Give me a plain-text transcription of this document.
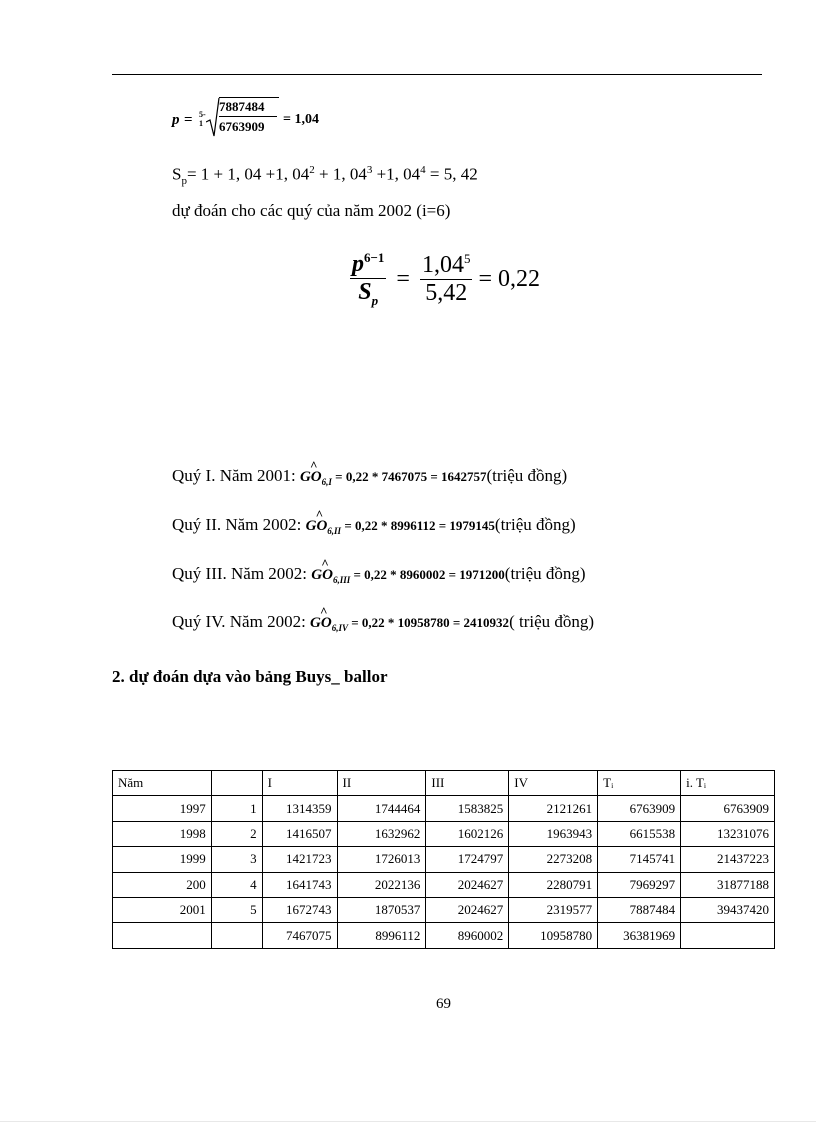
p = 5-1
7887484
6763909 = 1,04
$S_p= 1 + 1$, 04 +1, $04^2 + 1$, $04^3 +1$, $04^4 = 5$, 42
dự đoán cho các quý của năm 2002 (i=6)
$\frac{p^{6-1}}{S_p} = \frac{1,04^5}{5,42} = 0,22$
Quý I. Năm 2001:
^
$GO_{6,I} = 0,22 * 7467075$ = 1642757(triệu đồng)
Quý II. Năm 2002:
^
$GO_{6,II} = 0,22 * 8996112$ = 1979145(triệu đồng)
Quý III. Năm 2002:
^
$GO_{6,III} = 0,22 * 8960002$ = 1971200(triệu đồng)
Quý IV. Năm 2002:
^
$GO_{6,IV} = 0,22 * 10958780 = 2410932$( triệu đồng)
2. dự đoán dựa vào bảng Buys_ ballor
Năm		I	II	III	IV	Tᵢ	i. Tᵢ
1997	1	1314359	1744464	1583825	2121261	6763909	6763909
1998	2	1416507	1632962	1602126	1963943	6615538	13231076
1999	3	1421723	1726013	1724797	2273208	7145741	21437223
200	4	1641743	2022136	2024627	2280791	7969297	31877188
2001	5	1672743	1870537	2024627	2319577	7887484	39437420
		7467075	8996112	8960002	10958780	36381969	
69
